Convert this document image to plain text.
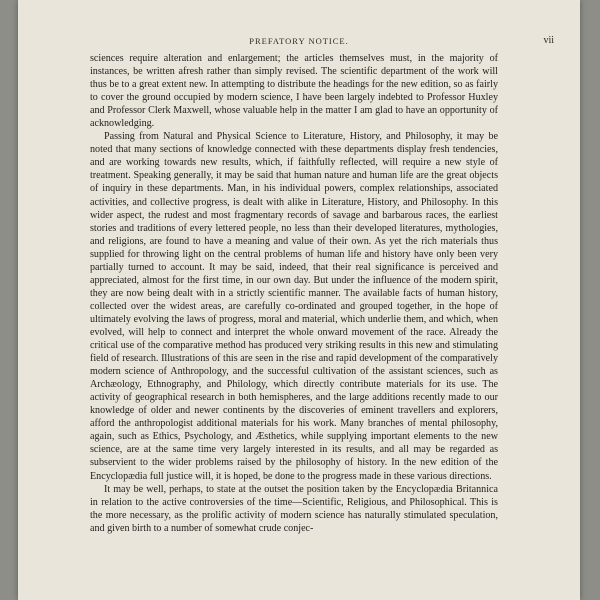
PREFATORY NOTICE.	vii

sciences require alteration and enlargement; the articles themselves must, in the majority of instances, be written afresh rather than simply revised. The scientific department of the work will thus be to a great extent new. In attempting to distribute the headings for the new edition, so as fairly to cover the ground occupied by modern science, I have been largely indebted to Professor Huxley and Professor Clerk Maxwell, whose valuable help in the matter I am glad to have an opportunity of acknowledging.

Passing from Natural and Physical Science to Literature, History, and Philosophy, it may be noted that many sections of knowledge connected with these departments display fresh tendencies, and are working towards new results, which, if faithfully reflected, will require a new style of treatment. Speaking generally, it may be said that human nature and human life are the great objects of inquiry in these departments. Man, in his individual powers, complex relationships, associated activities, and collective progress, is dealt with alike in Literature, History, and Philosophy. In this wider aspect, the rudest and most fragmentary records of savage and barbarous races, the earliest stories and traditions of every lettered people, no less than their developed literatures, mythologies, and religions, are found to have a meaning and value of their own. As yet the rich materials thus supplied for throwing light on the central problems of human life and history have only been very partially turned to account. It may be said, indeed, that their real significance is perceived and appreciated, almost for the first time, in our own day. But under the influence of the modern spirit, they are now being dealt with in a strictly scientific manner. The available facts of human history, collected over the widest areas, are carefully co-ordinated and grouped together, in the hope of ultimately evolving the laws of progress, moral and material, which underlie them, and which, when evolved, will help to connect and interpret the whole onward movement of the race. Already the critical use of the comparative method has produced very striking results in this new and stimulating field of research. Illustrations of this are seen in the rise and rapid development of the comparatively modern science of Anthropology, and the successful cultivation of the assistant sciences, such as Archæology, Ethnography, and Philology, which directly contribute materials for its use. The activity of geographical research in both hemispheres, and the large additions recently made to our knowledge of older and newer continents by the discoveries of eminent travellers and explorers, afford the anthropologist additional materials for his work. Many branches of mental philosophy, again, such as Ethics, Psychology, and Æsthetics, while supplying important elements to the new science, are at the same time very largely interested in its results, and all may be regarded as subservient to the wider problems raised by the philosophy of history. In the new edition of the Encyclopædia full justice will, it is hoped, be done to the progress made in these various directions.

It may be well, perhaps, to state at the outset the position taken by the Encyclopædia Britannica in relation to the active controversies of the time—Scientific, Religious, and Philosophical. This is the more necessary, as the prolific activity of modern science has naturally stimulated speculation, and given birth to a number of somewhat crude conjec-
